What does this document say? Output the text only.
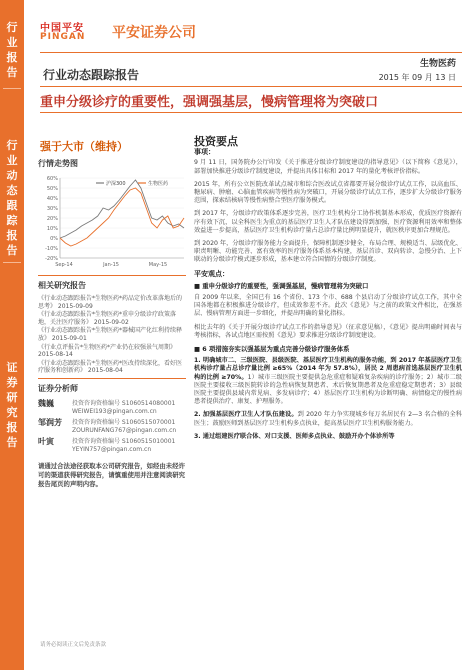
行业报告
行业动态跟踪报告
证券研究报告
中国平安
PINGAN 平安证券公司
行业动态跟踪报告
生物医药
2015 年 09 月 13 日
重申分级诊疗的重要性，强调强基层，慢病管理将为突破口
强于大市（维持）
行情走势图
60%
50%
40%
30%
20%
10%
0%
-10%
-20%
Sep-14	Jan-15	May-15
沪深300	生物医药
相关研究报告

《行业动态跟踪报告*生物医药*药品定价改革落地后的思考》 2015-09-09

《行业动态跟踪报告*生物医药*重申分级诊疗政策落地，关注医疗服务》 2015-09-02

《行业动态跟踪报告*生物医药*器械国产化红利持续释放》 2015-09-01

《行业点评报告*生物医药*产业仍在较强景气周期》 2015-08-14

《行业动态跟踪报告*生物医药*医改持续深化，看好医疗服务和创新药》 2015-08-04

证券分析师
魏巍	投资咨询资格编号 S1060514080001
WEIWEI193@pingan.com.cn
邹润芳	投资咨询资格编号 S1060515070001
ZOURUNFANG767@pingan.com.cn
叶寅	投资咨询资格编号 S1060515010001
YEYIN757@pingan.com.cn
请通过合法途径获取本公司研究报告，如经由未经许可的渠道获得研究报告，请慎重使用并注意阅读研究报告尾页的声明内容。
请务必阅读正文后免责条款
投资要点
事项：

9 月 11 日，国务院办公厅印发《关于推进分级诊疗制度建设的指导意见》（以下简称《意见》），部署加快推进分级诊疗制度建设，并提出具体目标和 2017 年的量化考核评价指标。

2015 年，所有公立医院改革试点城市和综合医改试点省都要开展分级诊疗试点工作，以高血压、糖尿病、肿瘤、心脑血管疾病等慢性病为突破口，开展分级诊疗试点工作，逐步扩大分级诊疗服务范围，探索结核病等慢性病整合型医疗服务模式。

到 2017 年，分级诊疗政策体系逐步完善，医疗卫生机构分工协作机制基本形成，优质医疗资源有序有效下沉，以全科医生为重点的基层医疗卫生人才队伍建设得到加强，医疗资源利用效率和整体效益进一步提高，基层医疗卫生机构诊疗量占总诊疗量比例明显提升，就医秩序更加合理规范。

到 2020 年，分级诊疗服务能力全面提升，保障机制逐步健全，布局合理、规模适当、层级优化、职责明晰、功能完善、富有效率的医疗服务体系基本构建，基层首诊、双向转诊、急慢分治、上下联动的分级诊疗模式逐步形成，基本建立符合国情的分级诊疗制度。

平安观点：
■ 重申分级诊疗的重要性，强调强基层，慢病管理将为突破口

自 2009 年以来，全国已有 16 个省份、173 个市、688 个县启动了分级诊疗试点工作，其中全国各地都在积极推进分级诊疗，但成效参差不齐。此次《意见》与之前的政策文件相比，在强基层、慢病管理方面进一步细化，并提出明确的量化指标。

相比去年的《关于开展分级诊疗试点工作的指导意见》（征求意见稿），《意见》提出明确时间表与考核指标，各试点地区需按照《意见》要求推进分级诊疗制度建设。

■ 6 项措施夯实以强基层为重点完善分级诊疗服务体系

1. 明确城市二、三级医院、县级医院、基层医疗卫生机构的服务功能，到 2017 年基层医疗卫生机构诊疗量占总诊疗量比例 ≥65%（2014 年为 57.8%），居民 2 周患病首选基层医疗卫生机构的比例 ≥70%。1）城市三级医院主要提供急危重症和疑难复杂疾病的诊疗服务；2）城市二级医院主要接收三级医院转诊的急性病恢复期患者、术后恢复期患者及危重症稳定期患者；3）县级医院主要提供县域内常见病、多发病诊疗；4）基层医疗卫生机构为诊断明确、病情稳定的慢性病患者提供治疗、康复、护理服务。

2. 加强基层医疗卫生人才队伍建设。到 2020 年力争实现城乡每万名居民有 2—3 名合格的全科医生；鼓励医师到基层医疗卫生机构多点执业，提高基层医疗卫生机构服务能力。

3. 通过组建医疗联合体、对口支援、医师多点执业、鼓励开办个体诊所等
